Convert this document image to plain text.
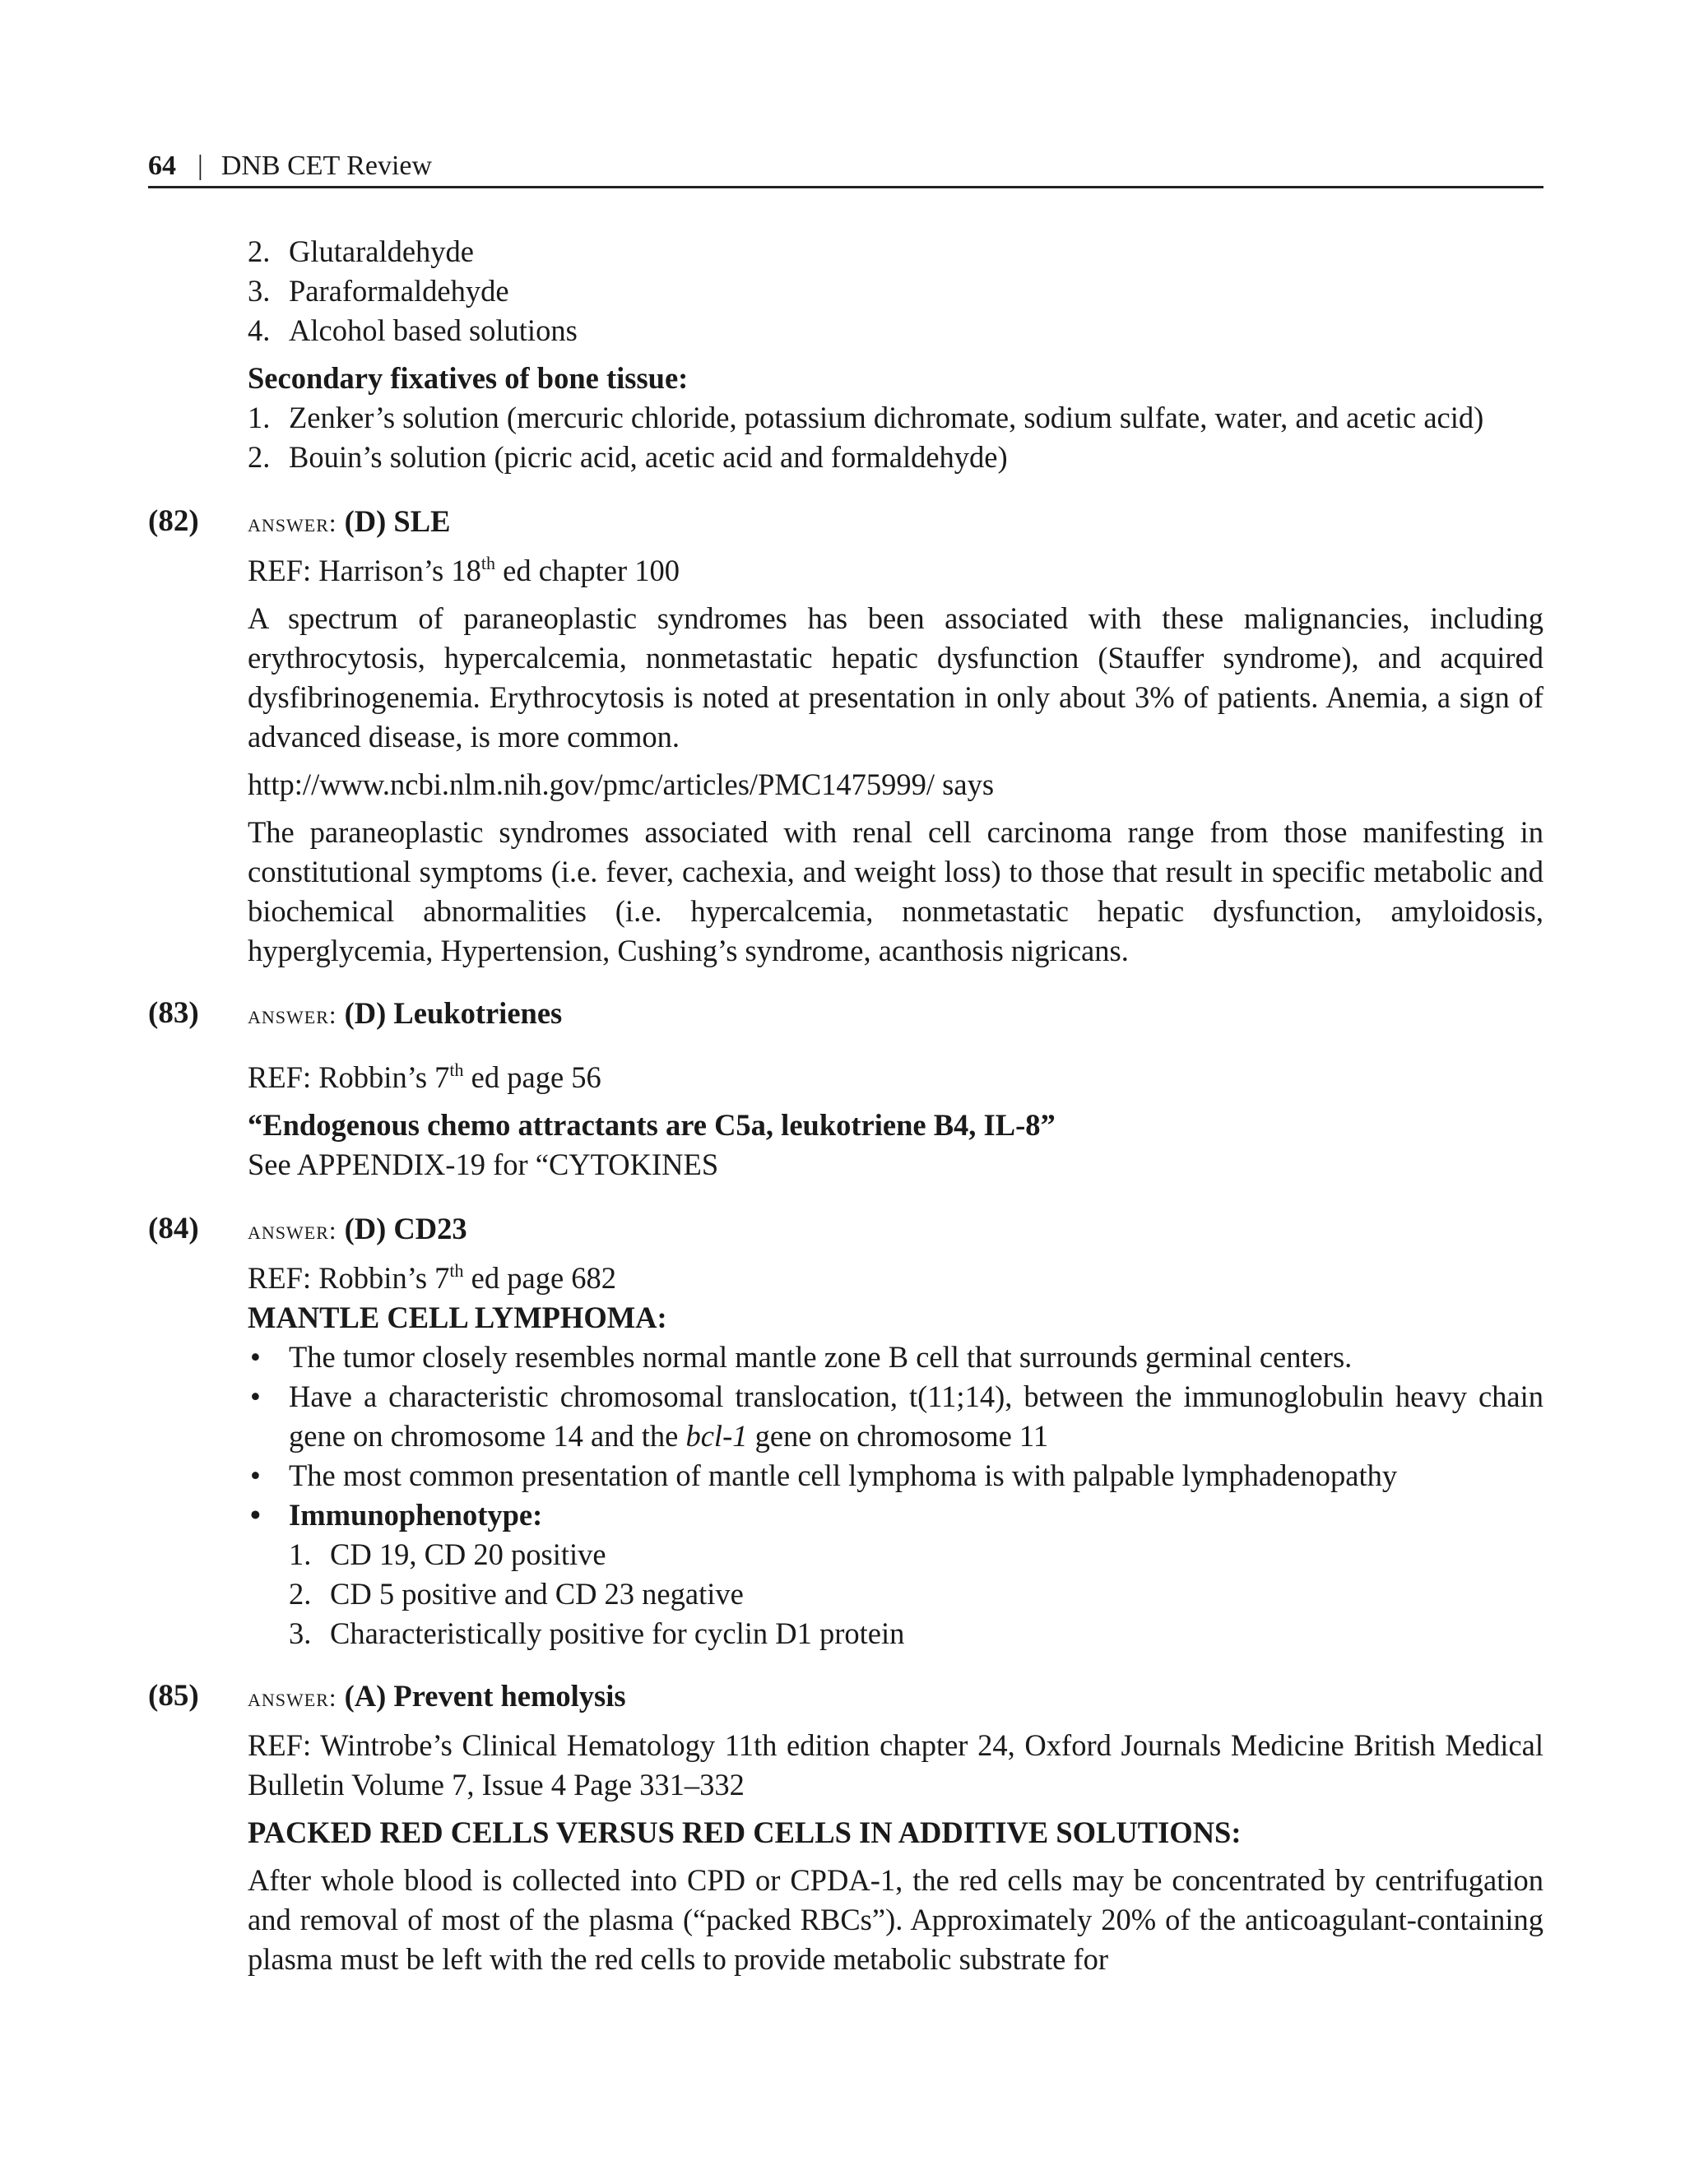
64 | DNB CET Review
2. Glutaraldehyde
3. Paraformaldehyde
4. Alcohol based solutions

Secondary fixatives of bone tissue:

1. Zenker’s solution (mercuric chloride, potassium dichromate, sodium sulfate, water, and acetic acid)
2. Bouin’s solution (picric acid, acetic acid and formaldehyde)

(82) answer: (D) SLE

REF: Harrison’s 18th ed chapter 100

A spectrum of paraneoplastic syndromes has been associated with these malignancies, including erythrocytosis, hypercalcemia, nonmetastatic hepatic dysfunction (Stauffer syndrome), and acquired dysfibrinogenemia. Erythrocytosis is noted at presentation in only about 3% of patients. Anemia, a sign of advanced disease, is more common.

http://www.ncbi.nlm.nih.gov/pmc/articles/PMC1475999/ says

The paraneoplastic syndromes associated with renal cell carcinoma range from those manifesting in constitutional symptoms (i.e. fever, cachexia, and weight loss) to those that result in specific metabolic and biochemical abnormalities (i.e. hypercalcemia, nonmetastatic hepatic dysfunction, amyloidosis, hyperglycemia, Hypertension, Cushing’s syndrome, acanthosis nigricans.

(83) answer: (D) Leukotrienes

REF: Robbin’s 7th ed page 56

“Endogenous chemo attractants are C5a, leukotriene B4, IL-8”

See APPENDIX-19 for “CYTOKINES

(84) answer: (D) CD23

REF: Robbin’s 7th ed page 682

MANTLE CELL LYMPHOMA:

• The tumor closely resembles normal mantle zone B cell that surrounds germinal centers.
• Have a characteristic chromosomal translocation, t(11;14), between the immunoglobulin heavy chain gene on chromosome 14 and the bcl-1 gene on chromosome 11
• The most common presentation of mantle cell lymphoma is with palpable lymphadenopathy
• Immunophenotype:
1. CD 19, CD 20 positive
2. CD 5 positive and CD 23 negative
3. Characteristically positive for cyclin D1 protein

(85) answer: (A) Prevent hemolysis

REF: Wintrobe’s Clinical Hematology 11th edition chapter 24, Oxford Journals Medicine British Medical Bulletin Volume 7, Issue 4 Page 331–332

PACKED RED CELLS VERSUS RED CELLS IN ADDITIVE SOLUTIONS:

After whole blood is collected into CPD or CPDA-1, the red cells may be concentrated by centrifugation and removal of most of the plasma (“packed RBCs”). Approximately 20% of the anticoagulant-containing plasma must be left with the red cells to provide metabolic substrate for
